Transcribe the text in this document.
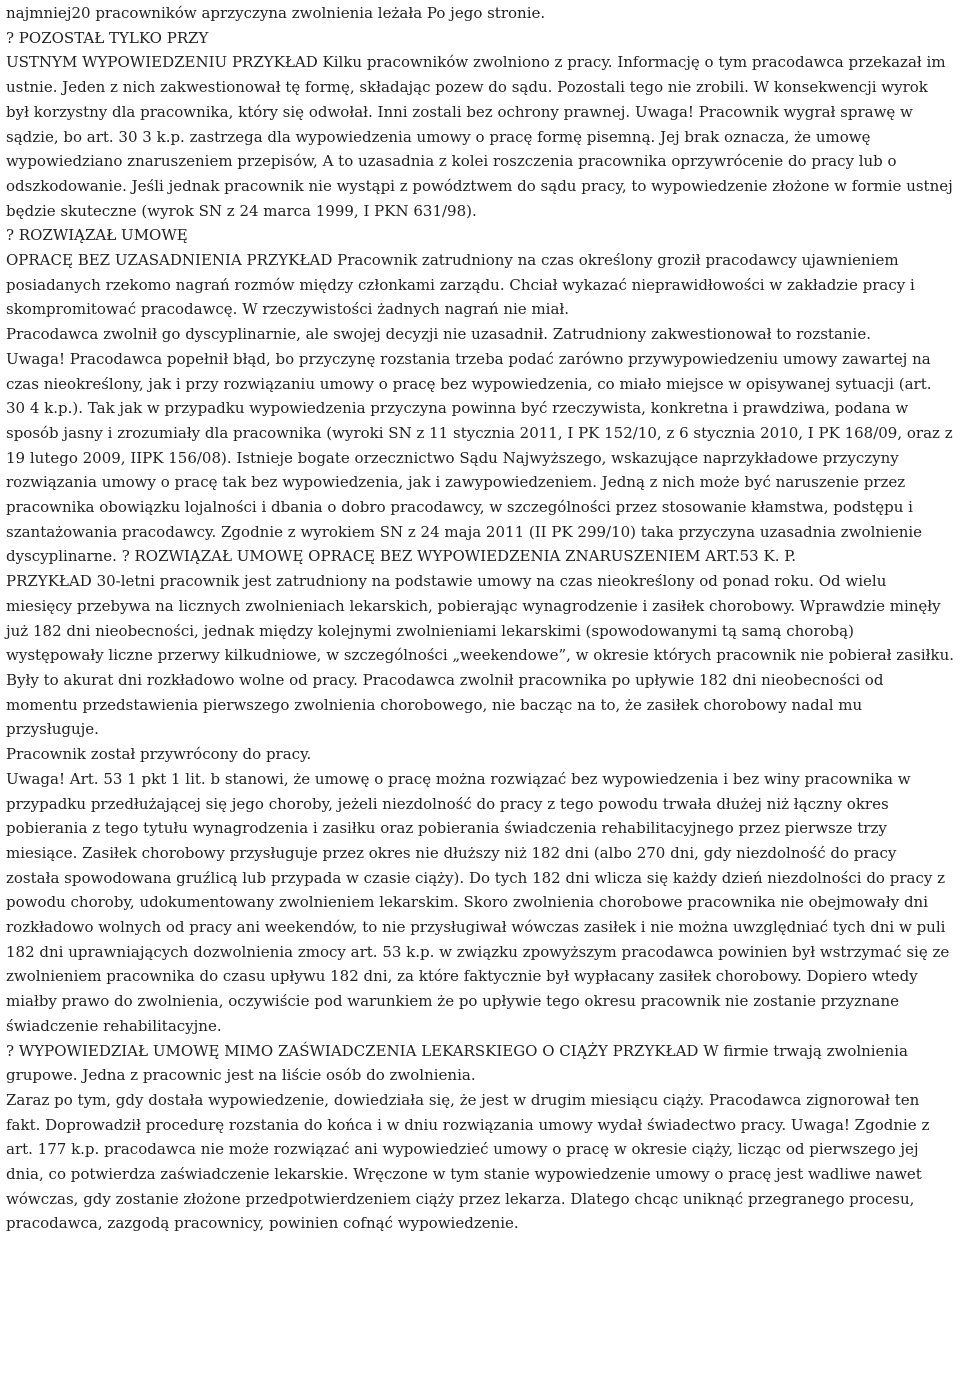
najmniej20 pracowników aprzyczyna zwolnienia leżała Po jego stronie.

? POZOSTAŁ TYLKO PRZY

USTNYM WYPOWIEDZENIU PRZYKŁAD Kilku pracowników zwolniono z pracy. Informację o tym pracodawca przekazał im ustnie. Jeden z nich zakwestionował tę formę, składając pozew do sądu. Pozostali tego nie zrobili. W konsekwencji wyrok był korzystny dla pracownika, który się odwołał. Inni zostali bez ochrony prawnej. Uwaga! Pracownik wygrał sprawę w sądzie, bo art. 30 3 k.p. zastrzega dla wypowiedzenia umowy o pracę formę pisemną. Jej brak oznacza, że umowę wypowiedziano znaruszeniem przepisów, A to uzasadnia z kolei roszczenia pracownika oprzywrócenie do pracy lub o odszkodowanie. Jeśli jednak pracownik nie wystąpi z powództwem do sądu pracy, to wypowiedzenie złożone w formie ustnej będzie skuteczne (wyrok SN z 24 marca 1999, I PKN 631/98).

? ROZWIĄZAŁ UMOWĘ

OPRACĘ BEZ UZASADNIENIA PRZYKŁAD Pracownik zatrudniony na czas określony groził pracodawcy ujawnieniem posiadanych rzekomo nagrań rozmów między członkami zarządu. Chciał wykazać nieprawidłowości w zakładzie pracy i skompromitować pracodawcę. W rzeczywistości żadnych nagrań nie miał.

Pracodawca zwolnił go dyscyplinarnie, ale swojej decyzji nie uzasadnił. Zatrudniony zakwestionował to rozstanie.

Uwaga! Pracodawca popełnił błąd, bo przyczynę rozstania trzeba podać zarówno przywypowiedzeniu umowy zawartej na czas nieokreślony, jak i przy rozwiązaniu umowy o pracę bez wypowiedzenia, co miało miejsce w opisywanej sytuacji (art. 30 4 k.p.). Tak jak w przypadku wypowiedzenia przyczyna powinna być rzeczywista, konkretna i prawdziwa, podana w sposób jasny i zrozumiały dla pracownika (wyroki SN z 11 stycznia 2011, I PK 152/10, z 6 stycznia 2010, I PK 168/09, oraz z 19 lutego 2009, IIPK 156/08). Istnieje bogate orzecznictwo Sądu Najwyższego, wskazujące naprzykładowe przyczyny rozwiązania umowy o pracę tak bez wypowiedzenia, jak i zawypowiedzeniem. Jedną z nich może być naruszenie przez pracownika obowiązku lojalności i dbania o dobro pracodawcy, w szczególności przez stosowanie kłamstwa, podstępu i szantażowania pracodawcy. Zgodnie z wyrokiem SN z 24 maja 2011 (II PK 299/10) taka przyczyna uzasadnia zwolnienie dyscyplinarne. ? ROZWIĄZAŁ UMOWĘ OPRACĘ BEZ WYPOWIEDZENIA ZNARUSZENIEM ART.53 K. P.

PRZYKŁAD 30-letni pracownik jest zatrudniony na podstawie umowy na czas nieokreślony od ponad roku. Od wielu miesięcy przebywa na licznych zwolnieniach lekarskich, pobierając wynagrodzenie i zasiłek chorobowy. Wprawdzie minęły już 182 dni nieobecności, jednak między kolejnymi zwolnieniami lekarskimi (spowodowanymi tą samą chorobą) występowały liczne przerwy kilkudniowe, w szczególności „weekendowe”, w okresie których pracownik nie pobierał zasiłku. Były to akurat dni rozkładowo wolne od pracy. Pracodawca zwolnił pracownika po upływie 182 dni nieobecności od momentu przedstawienia pierwszego zwolnienia chorobowego, nie bacząc na to, że zasiłek chorobowy nadal mu przysługuje.

Pracownik został przywrócony do pracy.

Uwaga! Art. 53 1 pkt 1 lit. b stanowi, że umowę o pracę można rozwiązać bez wypowiedzenia i bez winy pracownika w przypadku przedłużającej się jego choroby, jeżeli niezdolność do pracy z tego powodu trwała dłużej niż łączny okres pobierania z tego tytułu wynagrodzenia i zasiłku oraz pobierania świadczenia rehabilitacyjnego przez pierwsze trzy miesiące. Zasiłek chorobowy przysługuje przez okres nie dłuższy niż 182 dni (albo 270 dni, gdy niezdolność do pracy została spowodowana gruźlicą lub przypada w czasie ciąży). Do tych 182 dni wlicza się każdy dzień niezdolności do pracy z powodu choroby, udokumentowany zwolnieniem lekarskim. Skoro zwolnienia chorobowe pracownika nie obejmowały dni rozkładowo wolnych od pracy ani weekendów, to nie przysługiwał wówczas zasiłek i nie można uwzględniać tych dni w puli 182 dni uprawniających dozwolnienia zmocy art. 53 k.p. w związku zpowyższym pracodawca powinien był wstrzymać się ze zwolnieniem pracownika do czasu upływu 182 dni, za które faktycznie był wypłacany zasiłek chorobowy. Dopiero wtedy miałby prawo do zwolnienia, oczywiście pod warunkiem że po upływie tego okresu pracownik nie zostanie przyznane świadczenie rehabilitacyjne.

? WYPOWIEDZIAŁ UMOWĘ MIMO ZAŚWIADCZENIA LEKARSKIEGO O CIĄŻY PRZYKŁAD W firmie trwają zwolnienia grupowe. Jedna z pracownic jest na liście osób do zwolnienia.

Zaraz po tym, gdy dostała wypowiedzenie, dowiedziała się, że jest w drugim miesiącu ciąży. Pracodawca zignorował ten fakt. Doprowadził procedurę rozstania do końca i w dniu rozwiązania umowy wydał świadectwo pracy. Uwaga! Zgodnie z art. 177 k.p. pracodawca nie może rozwiązać ani wypowiedzieć umowy o pracę w okresie ciąży, licząc od pierwszego jej dnia, co potwierdza zaświadczenie lekarskie. Wręczone w tym stanie wypowiedzenie umowy o pracę jest wadliwe nawet wówczas, gdy zostanie złożone przedpotwierdzeniem ciąży przez lekarza. Dlatego chcąc uniknąć przegranego procesu, pracodawca, zazgodą pracownicy, powinien cofnąć wypowiedzenie.
